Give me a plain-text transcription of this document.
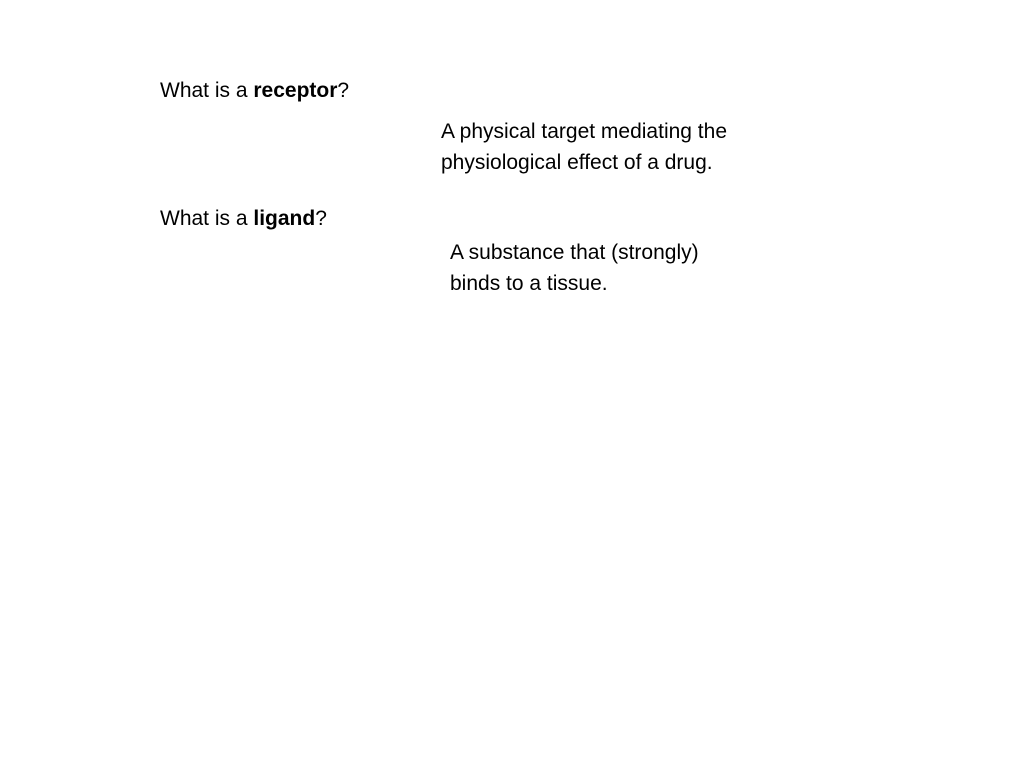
What is a receptor?
A physical target mediating the
physiological effect of a drug.
What is a ligand?
A substance that (strongly)
binds to a tissue.
